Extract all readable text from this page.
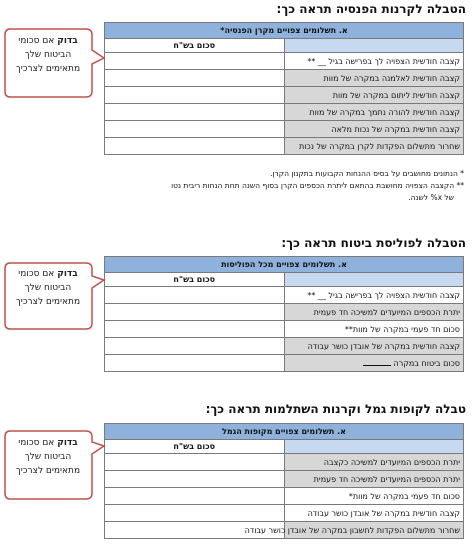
הטבלה לקרנות הפנסיה תראה כך:
א. תשלומים צפויים מקרן הפנסיה*	
	סכום בש"ח
קצבה חודשית הצפויה לך בפרישה בגיל __ **	
קצבה חודשית לאלמנה במקרה של מוות	
קצבה חודשית ליתום במקרה של מוות	
קצבה חודשית להורה נתמך במקרה של מוות	
קצבה חודשית במקרה של נכות מלאה	
שחרור מתשלום הפקדות לקרן במקרה של נכות	
בדוק אם סכומי הביטוח שלך מתאימים לצרכיך
* הנתונים מחושבים על בסיס ההנחות הקבועות בתקנון הקרן.
** הקצבה הצפויה מחושבת בהתאם ליתרת הכספים הקרן בסוף השנה תחת הנחות ריבית נטו
של x% לשנה.
הטבלה לפוליסת ביטוח תראה כך:
א. תשלומים צפויים מכל הפוליסות	
	סכום בש"ח
קצבה חודשית הצפויה לך בפרישה בגיל __ **	
יתרת הכספים המיועדים למשיכה חד פעמית	
סכום חד פעמי במקרה של מוות**	
קצבה חודשית במקרה של אובדן כושר עבודה	
סכום ביטוח במקרה	
בדוק אם סכומי הביטוח שלך מתאימים לצרכיך
טבלה לקופות גמל וקרנות השתלמות תראה כך:
א. תשלומים צפויים מקופות הגמל	
	סכום בש"ח
יתרת הכספים המיועדים למשיכה כקצבה	
יתרת הכספים המיועדים למשיכה חד פעמית	
סכום חד פעמי במקרה של מוות*	
קצבה חודשית במקרה של אובדן כושר עבודה	
שחרור מתשלום הפקדות לחשבון במקרה של אובדן כושר עבודה	
בדוק אם סכומי הביטוח שלך מתאימים לצרכיך
